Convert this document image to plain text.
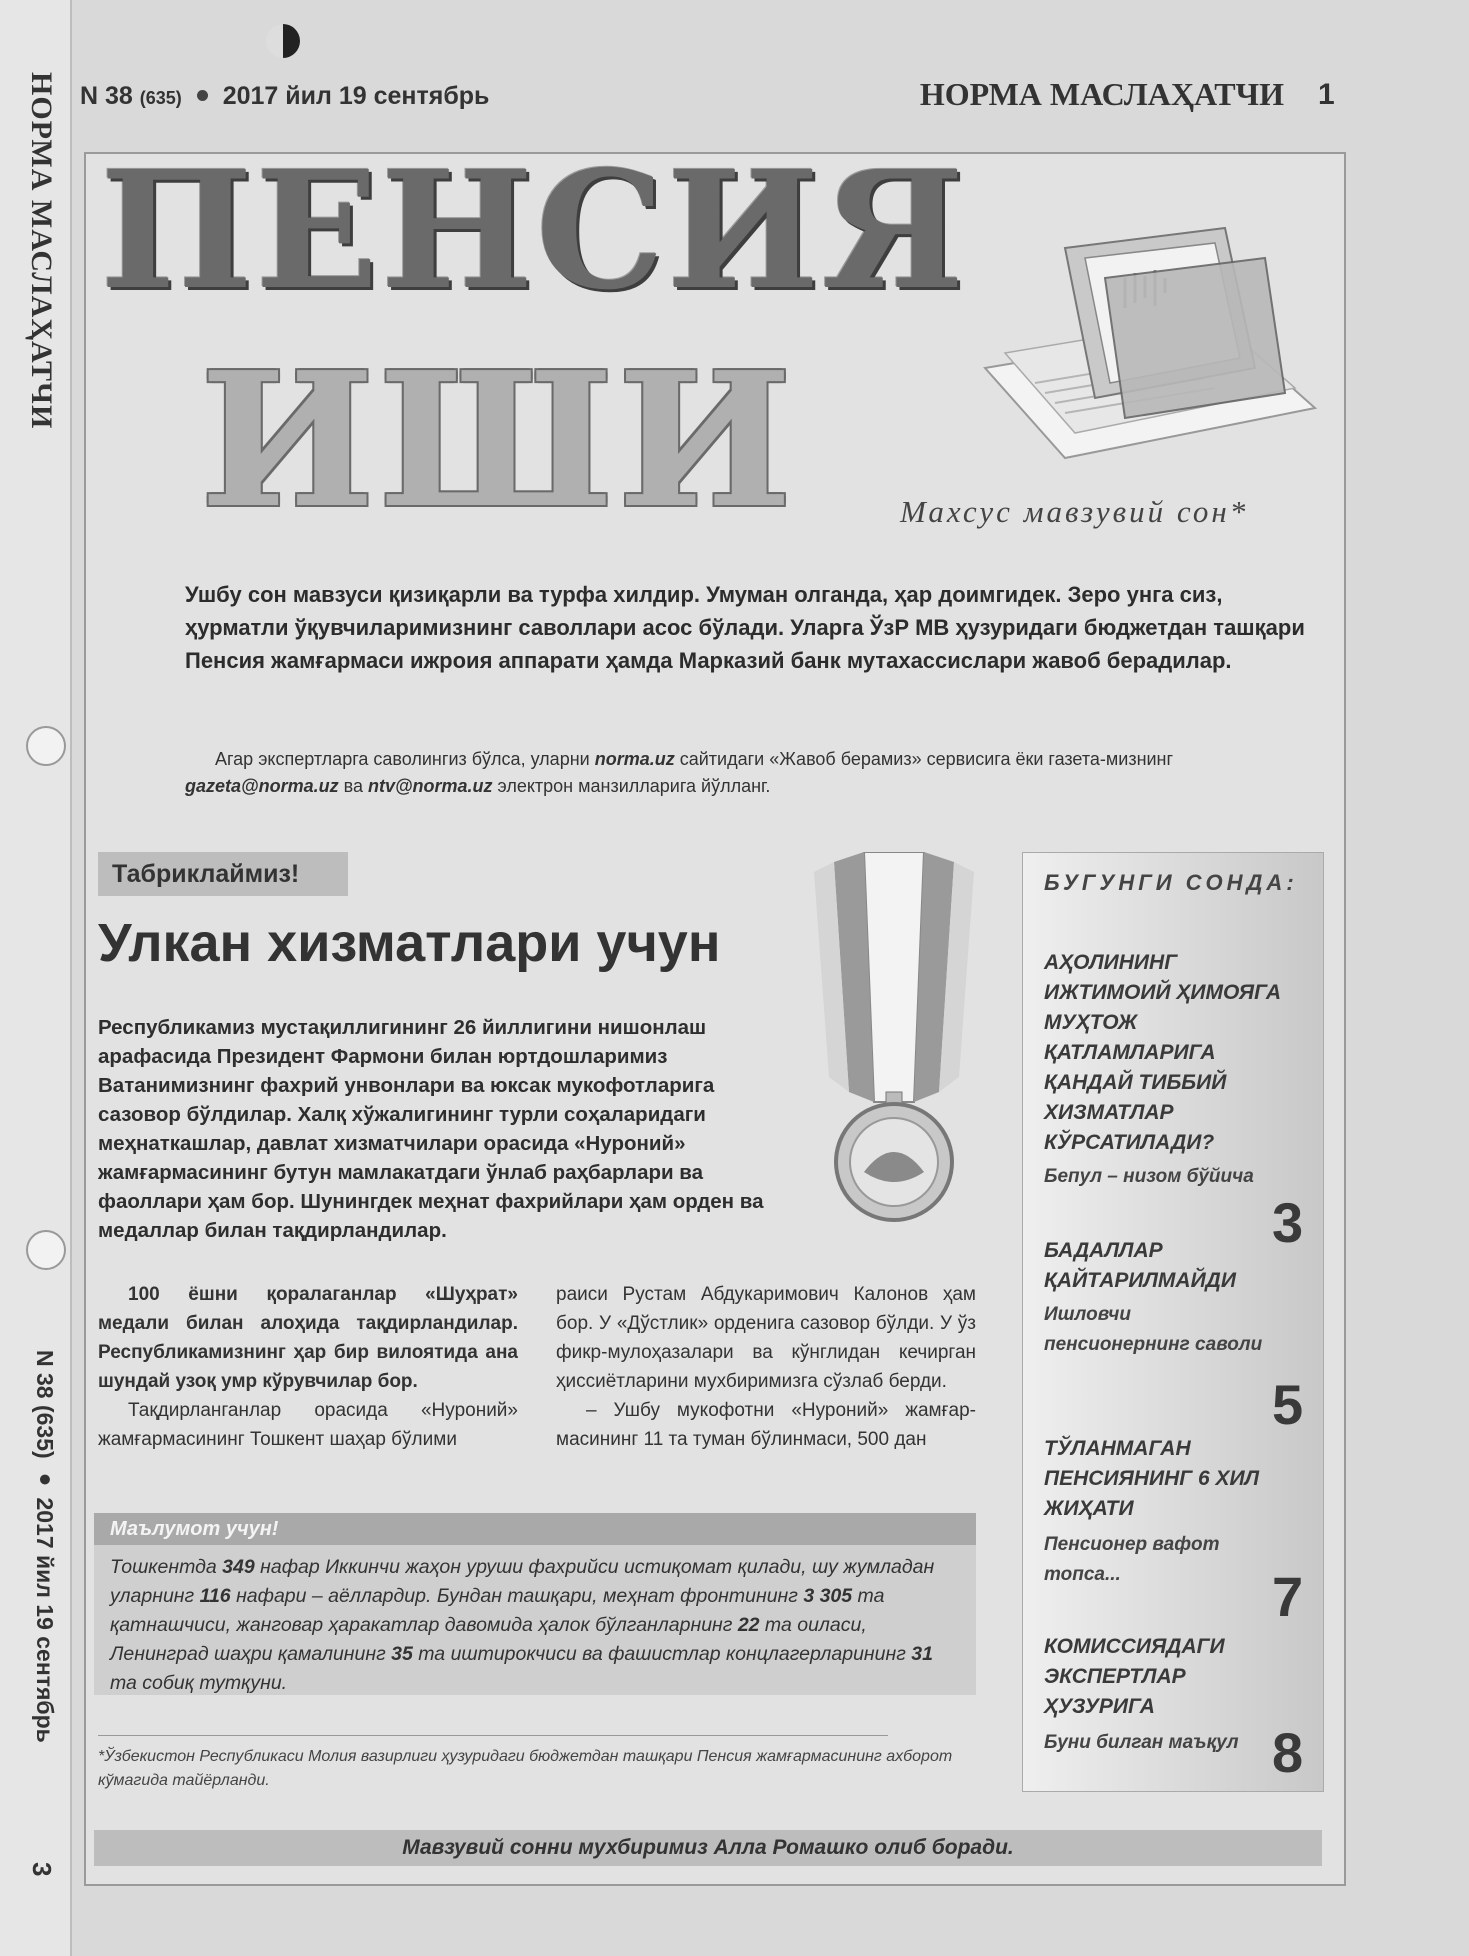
НОРМА МАСЛАҲАТЧИ
N 38 (635) ● 2017 йил 19 сентябрь
3
N 38 (635) 2017 йил 19 сентябрь	НОРМА МАСЛАҲАТЧИ 1
ПЕНСИЯ
ИШИ	Махсус мавзувий сон*
Ушбу сон мавзуси қизиқарли ва турфа хилдир. Умуман олганда, ҳар доимгидек. Зеро унга сиз, ҳурматли ўқувчиларимизнинг саволлари асос бўлади. Уларга ЎзР МВ ҳузуридаги бюджетдан ташқари Пенсия жамғармаси ижроия аппарати ҳамда Марказий банк мутахассислари жавоб берадилар.
Агар экспертларга саволингиз бўлса, уларни norma.uz сайтидаги «Жавоб берамиз» сервисига ёки газета-мизнинг gazeta@norma.uz ва ntv@norma.uz электрон манзилларига йўлланг.
Табриклаймиз!
Улкан хизматлари учун
Республикамиз мустақиллигининг 26 йиллигини нишонлаш арафасида Президент Фармони билан юртдошларимиз Ватанимизнинг фахрий унвонлари ва юксак мукофотларига сазовор бўлдилар. Халқ хўжалигининг турли соҳаларидаги меҳнаткашлар, давлат хизматчилари орасида «Нуроний» жамғармасининг бутун мамлакатдаги ўнлаб раҳбарлари ва фаоллари ҳам бор. Шунингдек меҳнат фахрийлари ҳам орден ва медаллар билан тақдирландилар.

100 ёшни қоралаганлар «Шуҳрат» медали билан алоҳида тақдирландилар. Республикамизнинг ҳар бир вилоятида ана шундай узоқ умр кўрувчилар бор.

Тақдирланганлар орасида «Нуроний» жамғармасининг Тошкент шаҳар бўлими

раиси Рустам Абдукаримович Калонов ҳам бор. У «Дўстлик» орденига сазовор бўлди. У ўз фикр-мулоҳазалари ва кўнглидан кечирган ҳиссиётларини мухбиримизга сўзлаб берди.

– Ушбу мукофотни «Нуроний» жамғармасининг 11 та туман бўлинмаси, 500 дан

Маълумот учун!
Тошкентда 349 нафар Иккинчи жаҳон уруши фахрийси истиқомат қилади, шу жумладан уларнинг 116 нафари – аёллардир. Бундан ташқари, меҳнат фронтининг 3 305 та қатнашчиси, жанговар ҳаракатлар давомида ҳалок бўлганларнинг 22 та оиласи, Ленинград шаҳри қамалининг 35 та иштирокчиси ва фашистлар концлагерларининг 31 та собиқ тутқуни.
*Ўзбекистон Республикаси Молия вазирлиги ҳузуридаги бюджетдан ташқари Пенсия жамғармасининг ахборот кўмагида тайёрланди.
БУГУНГИ СОНДА:
АҲОЛИНИНГ ИЖТИМОИЙ ҲИМОЯГА МУҲТОЖ ҚАТЛАМЛАРИГА ҚАНДАЙ ТИББИЙ ХИЗМАТЛАР КЎРСАТИЛАДИ?
Бепул – низом бўйича
3
БАДАЛЛАР ҚАЙТАРИЛМАЙДИ
Ишловчи пенсионернинг саволи
5
ТЎЛАНМАГАН ПЕНСИЯНИНГ 6 ХИЛ ЖИҲАТИ
Пенсионер вафот топса...	7
КОМИССИЯДАГИ ЭКСПЕРТЛАР ҲУЗУРИГА
Буни билган маъқул 8
Мавзувий сонни мухбиримиз Алла Ромашко олиб боради.
